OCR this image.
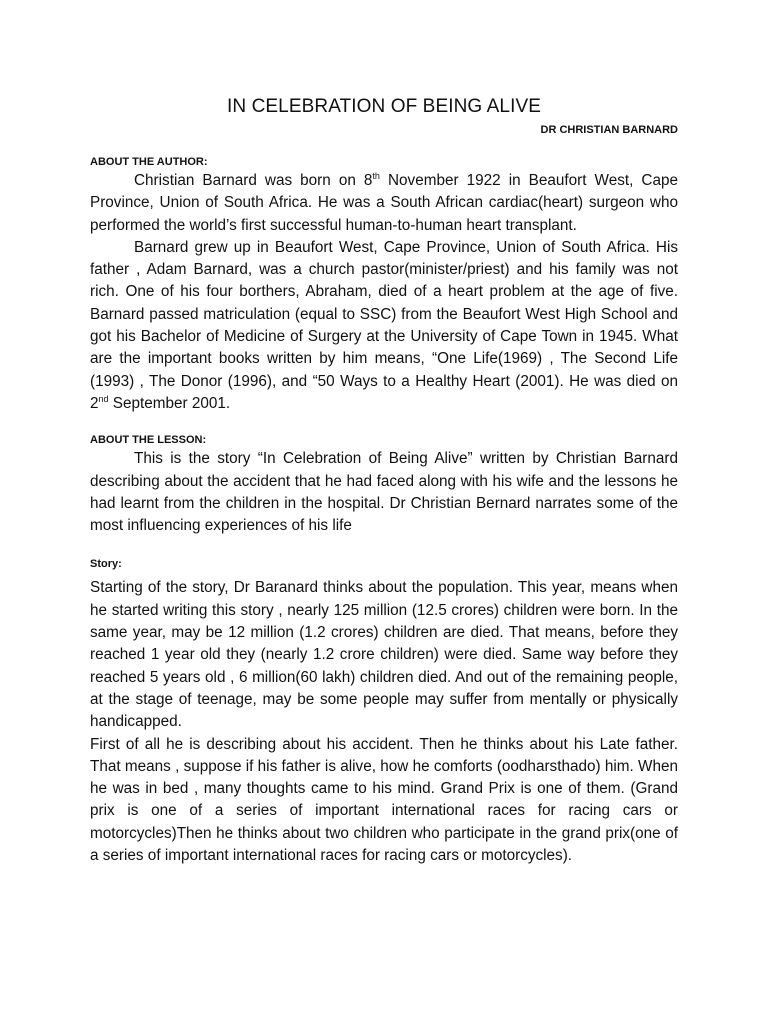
IN CELEBRATION OF BEING ALIVE
DR CHRISTIAN BARNARD
ABOUT THE AUTHOR:

Christian Barnard was born on 8th November 1922 in Beaufort West, Cape Province, Union of South Africa. He was a South African cardiac(heart) surgeon who performed the world’s first successful human-to-human heart transplant.

Barnard grew up in Beaufort West, Cape Province, Union of South Africa. His father , Adam Barnard, was a church pastor(minister/priest) and his family was not rich. One of his four borthers, Abraham, died of a heart problem at the age of five. Barnard passed matriculation (equal to SSC) from the Beaufort West High School and got his Bachelor of Medicine of Surgery at the University of Cape Town in 1945. What are the important books written by him means, “One Life(1969) , The Second Life (1993) , The Donor (1996), and “50 Ways to a Healthy Heart (2001). He was died on 2nd September 2001.

ABOUT THE LESSON:

This is the story “In Celebration of Being Alive” written by Christian Barnard describing about the accident that he had faced along with his wife and the lessons he had learnt from the children in the hospital. Dr Christian Bernard narrates some of the most influencing experiences of his life

Story:

Starting of the story, Dr Baranard thinks about the population. This year, means when he started writing this story , nearly 125 million (12.5 crores) children were born. In the same year, may be 12 million (1.2 crores) children are died. That means, before they reached 1 year old they (nearly 1.2 crore children) were died. Same way before they reached 5 years old , 6 million(60 lakh) children died. And out of the remaining people, at the stage of teenage, may be some people may suffer from mentally or physically handicapped.

First of all he is describing about his accident. Then he thinks about his Late father. That means , suppose if his father is alive, how he comforts (oodharsthado) him. When he was in bed , many thoughts came to his mind. Grand Prix is one of them. (Grand prix is one of a series of important international races for racing cars or motorcycles)Then he thinks about two children who participate in the grand prix(one of a series of important international races for racing cars or motorcycles).
